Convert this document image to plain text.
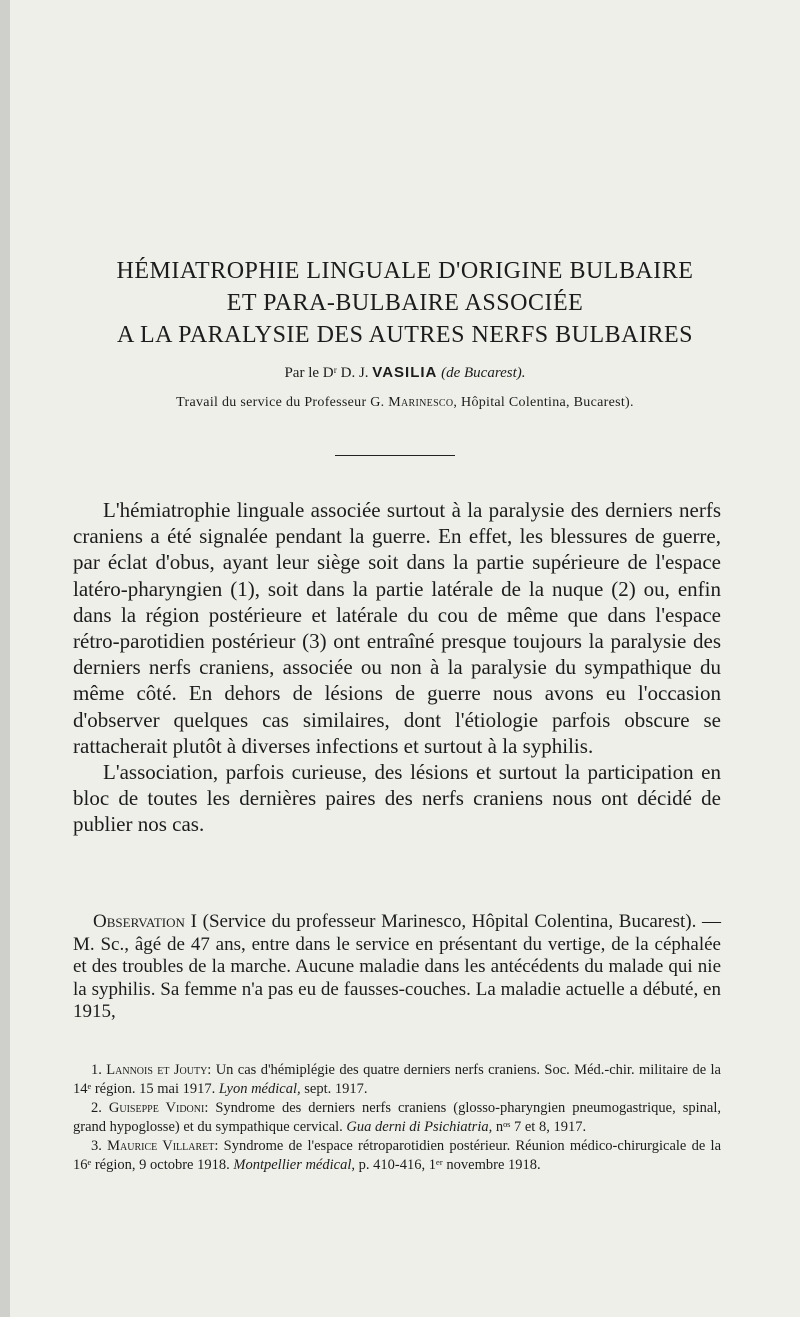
HÉMIATROPHIE LINGUALE D'ORIGINE BULBAIRE
ET PARA-BULBAIRE ASSOCIÉE
A LA PARALYSIE DES AUTRES NERFS BULBAIRES
Par le Dʳ D. J. VASILIA (de Bucarest).
Travail du service du Professeur G. Marinesco, Hôpital Colentina, Bucarest).

L'hémiatrophie linguale associée surtout à la paralysie des derniers nerfs craniens a été signalée pendant la guerre. En effet, les blessures de guerre, par éclat d'obus, ayant leur siège soit dans la partie supérieure de l'espace latéro-pharyngien (1), soit dans la partie latérale de la nuque (2) ou, enfin dans la région postérieure et latérale du cou de même que dans l'espace rétro-parotidien postérieur (3) ont entraîné presque toujours la paralysie des derniers nerfs craniens, associée ou non à la paralysie du sympathique du même côté. En dehors de lésions de guerre nous avons eu l'occasion d'observer quelques cas similaires, dont l'étiologie parfois obscure se rattacherait plutôt à diverses infections et surtout à la syphilis.

L'association, parfois curieuse, des lésions et surtout la participation en bloc de toutes les dernières paires des nerfs craniens nous ont décidé de publier nos cas.

Observation I (Service du professeur Marinesco, Hôpital Colentina, Bucarest). — M. Sc., âgé de 47 ans, entre dans le service en présentant du vertige, de la céphalée et des troubles de la marche. Aucune maladie dans les antécédents du malade qui nie la syphilis. Sa femme n'a pas eu de fausses-couches. La maladie actuelle a débuté, en 1915,

1. Lannois et Jouty: Un cas d'hémiplégie des quatre derniers nerfs craniens. Soc. Méd.-chir. militaire de la 14ᵉ région. 15 mai 1917. Lyon médical, sept. 1917.

2. Guiseppe Vidoni: Syndrome des derniers nerfs craniens (glosso-pharyngien pneumogastrique, spinal, grand hypoglosse) et du sympathique cervical. Gua derni di Psichiatria, nᵒˢ 7 et 8, 1917.

3. Maurice Villaret: Syndrome de l'espace rétroparotidien postérieur. Réunion médico-chirurgicale de la 16ᵉ région, 9 octobre 1918. Montpellier médical, p. 410-416, 1ᵉʳ novembre 1918.
